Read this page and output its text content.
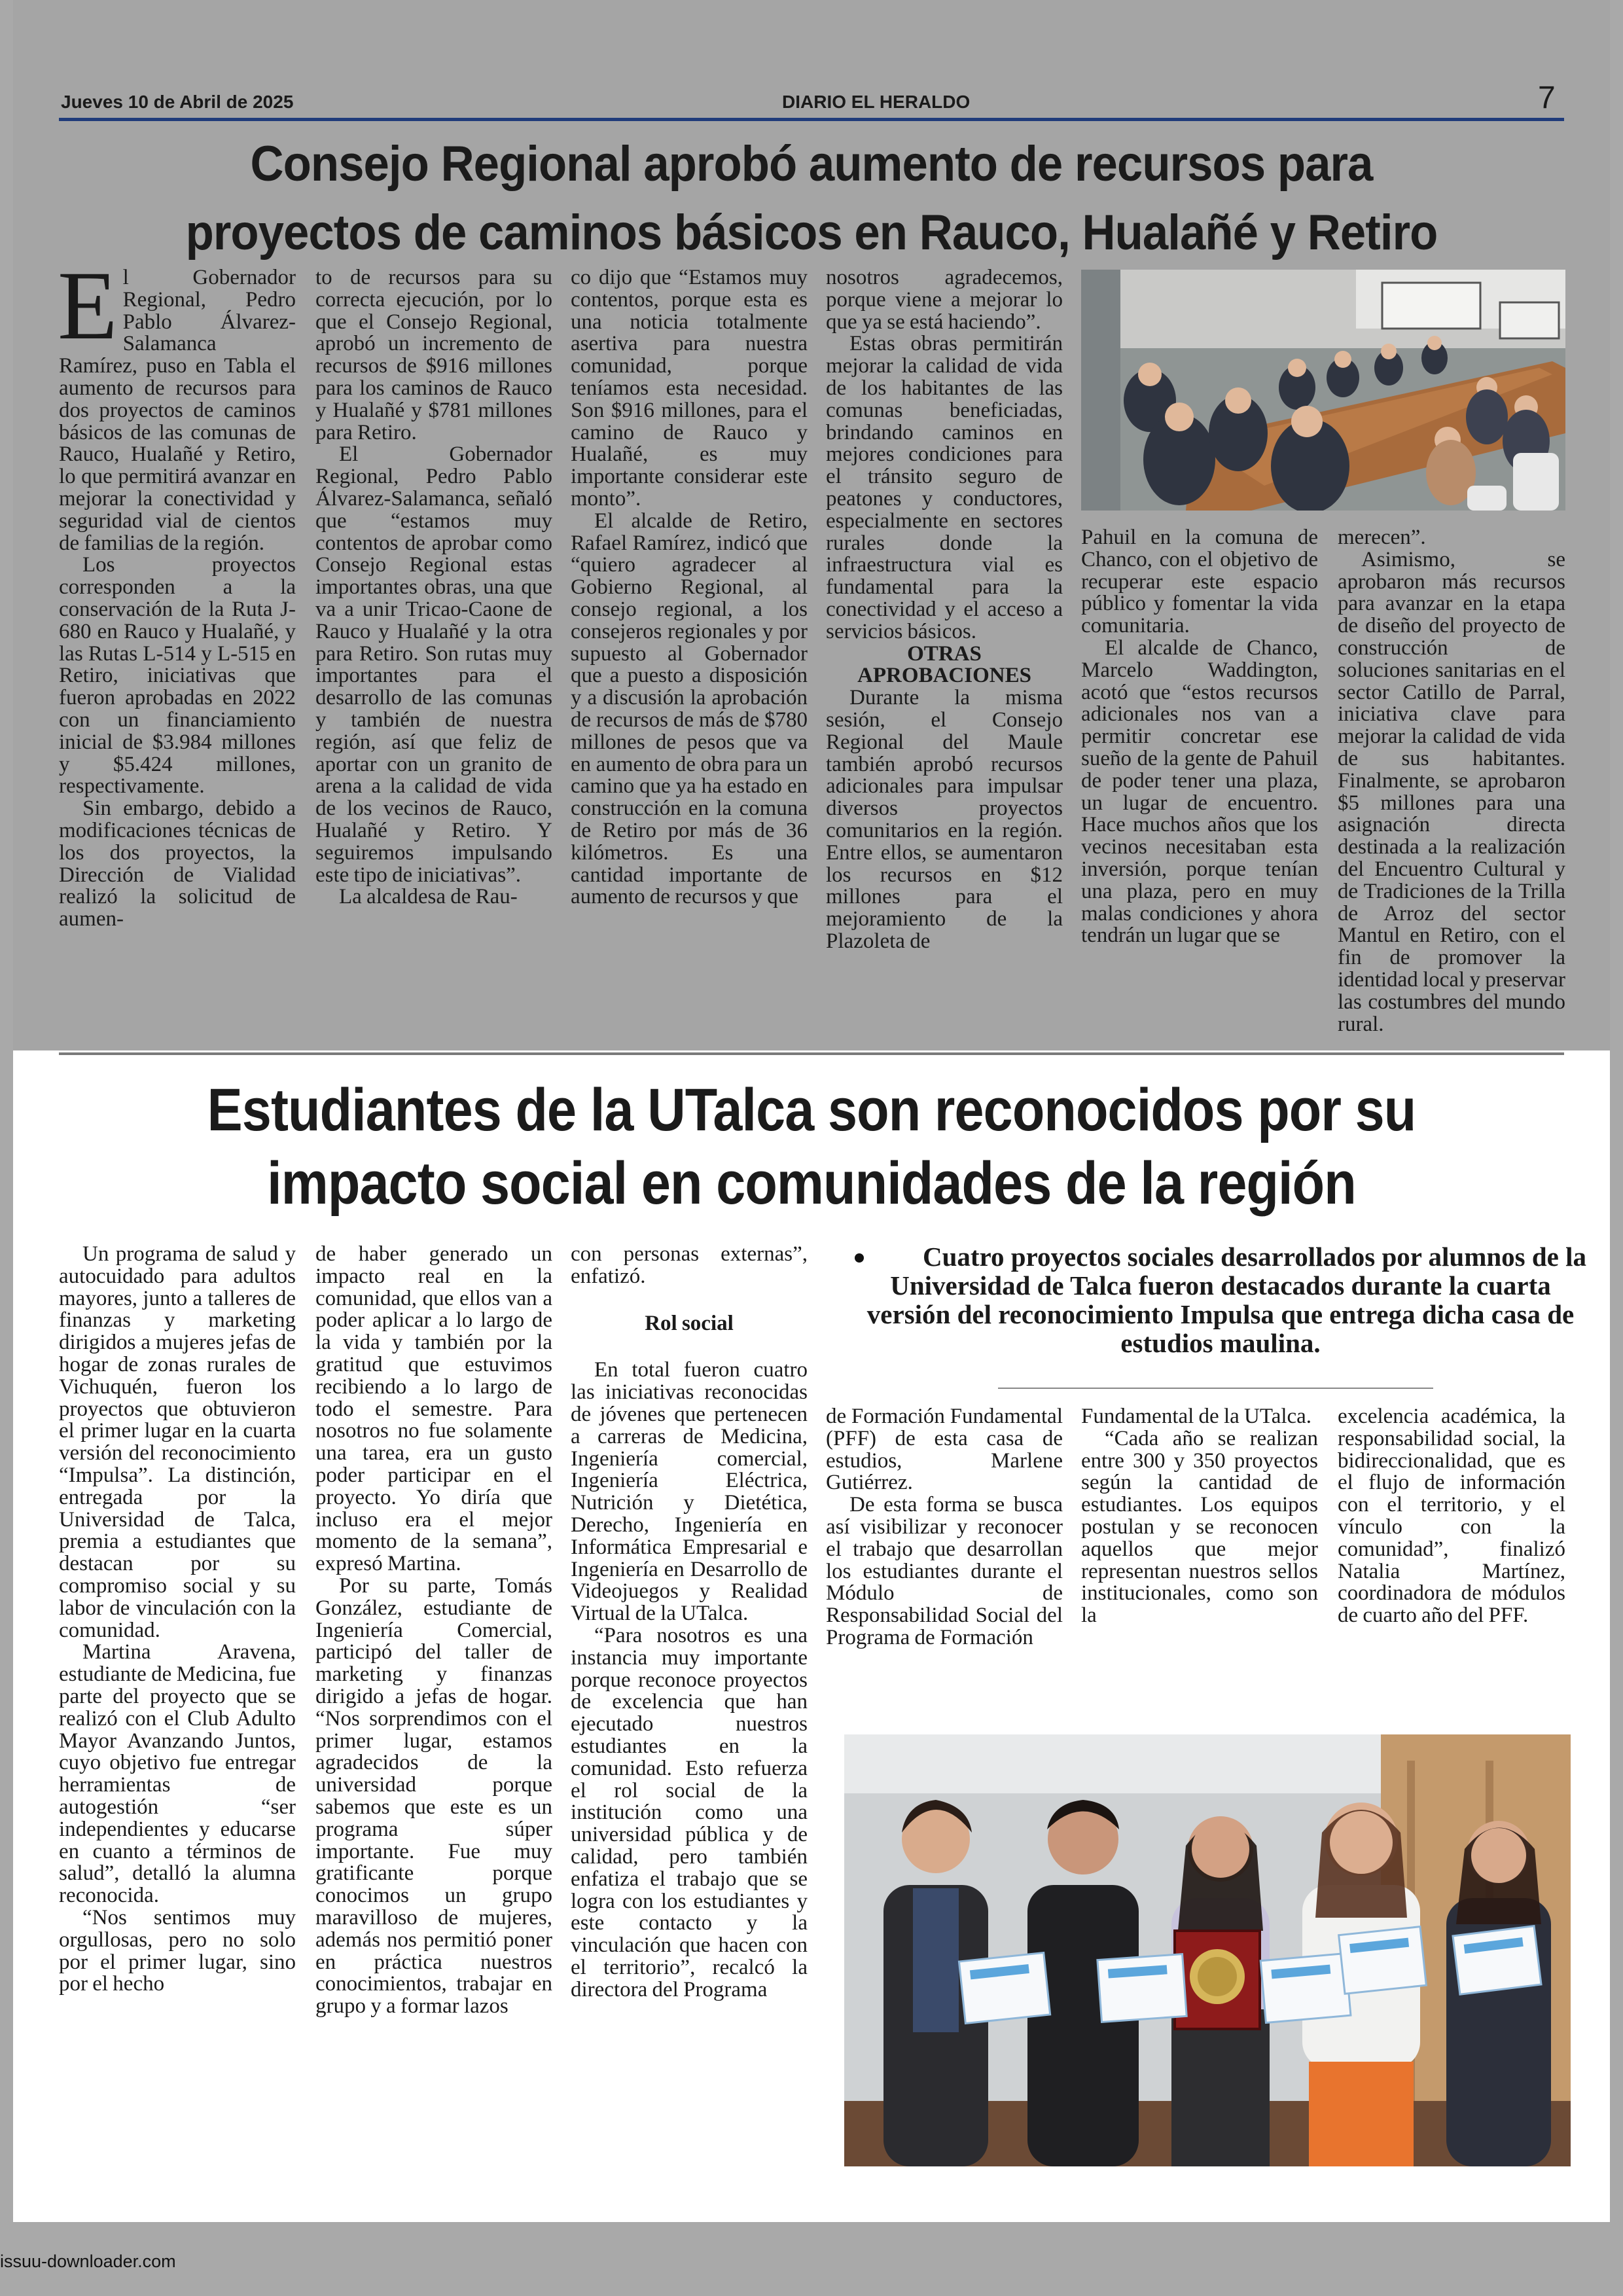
Jueves 10 de Abril de 2025	DIARIO EL HERALDO	7
Consejo Regional aprobó aumento de recursos para
proyectos de caminos básicos en Rauco, Hualañé y Retiro

El Gobernador Regional, Pedro Pablo Álvarez-Salamanca Ramírez, puso en Tabla el aumento de recursos para dos proyectos de caminos básicos de las comunas de Rauco, Hualañé y Retiro, lo que permitirá avanzar en mejorar la conectividad y seguridad vial de cientos de familias de la región.

Los proyectos corresponden a la conservación de la Ruta J-680 en Rauco y Hualañé, y las Rutas L-514 y L-515 en Retiro, iniciativas que fueron aprobadas en 2022 con un financiamiento inicial de $3.984 millones y $5.424 millones, respectivamente.

Sin embargo, debido a modificaciones técnicas de los dos proyectos, la Dirección de Vialidad realizó la solicitud de aumen-

to de recursos para su correcta ejecución, por lo que el Consejo Regional, aprobó un incremento de recursos de $916 millones para los caminos de Rauco y Hualañé y $781 millones para Retiro.

El Gobernador Regional, Pedro Pablo Álvarez-Salamanca, señaló que “estamos muy contentos de aprobar como Consejo Regional estas importantes obras, una que va a unir Tricao-Caone de Rauco y Hualañé y la otra para Retiro. Son rutas muy importantes para el desarrollo de las comunas y también de nuestra región, así que feliz de aportar con un granito de arena a la calidad de vida de los vecinos de Rauco, Hualañé y Retiro. Y seguiremos impulsando este tipo de iniciativas”.

La alcaldesa de Rau-

co dijo que “Estamos muy contentos, porque esta es una noticia totalmente asertiva para nuestra comunidad, porque teníamos esta necesidad. Son $916 millones, para el camino de Rauco y Hualañé, es muy importante considerar este monto”.

El alcalde de Retiro, Rafael Ramírez, indicó que “quiero agradecer al Gobierno Regional, al consejo regional, a los consejeros regionales y por supuesto al Gobernador que a puesto a disposición y a discusión la aprobación de recursos de más de $780 millones de pesos que va en aumento de obra para un camino que ya ha estado en construcción en la comuna de Retiro por más de 36 kilómetros. Es una cantidad importante de aumento de recursos y que

nosotros agradecemos, porque viene a mejorar lo que ya se está haciendo”.

Estas obras permitirán mejorar la calidad de vida de los habitantes de las comunas beneficiadas, brindando caminos en mejores condiciones para el tránsito seguro de peatones y conductores, especialmente en sectores rurales donde la infraestructura vial es fundamental para la conectividad y el acceso a servicios básicos.

OTRAS APROBACIONES

Durante la misma sesión, el Consejo Regional del Maule también aprobó recursos adicionales para impulsar diversos proyectos comunitarios en la región. Entre ellos, se aumentaron los recursos en $12 millones para el mejoramiento de la Plazoleta de

Pahuil en la comuna de Chanco, con el objetivo de recuperar este espacio público y fomentar la vida comunitaria.

El alcalde de Chanco, Marcelo Waddington, acotó que “estos recursos adicionales nos van a permitir concretar ese sueño de la gente de Pahuil de poder tener una plaza, un lugar de encuentro. Hace muchos años que los vecinos necesitaban esta inversión, porque tenían una plaza, pero en muy malas condiciones y ahora tendrán un lugar que se

merecen”.

Asimismo, se aprobaron más recursos para avanzar en la etapa de diseño del proyecto de construcción de soluciones sanitarias en el sector Catillo de Parral, iniciativa clave para mejorar la calidad de vida de sus habitantes. Finalmente, se aprobaron $5 millones para una asignación directa destinada a la realización del Encuentro Cultural y de Tradiciones de la Trilla de Arroz del sector Mantul en Retiro, con el fin de promover la identidad local y preservar las costumbres del mundo rural.

Estudiantes de la UTalca son reconocidos por su
impacto social en comunidades de la región

Un programa de salud y autocuidado para adultos mayores, junto a talleres de finanzas y marketing dirigidos a mujeres jefas de hogar de zonas rurales de Vichuquén, fueron los proyectos que obtuvieron el primer lugar en la cuarta versión del reconocimiento “Impulsa”. La distinción, entregada por la Universidad de Talca, premia a estudiantes que destacan por su compromiso social y su labor de vinculación con la comunidad.

Martina Aravena, estudiante de Medicina, fue parte del proyecto que se realizó con el Club Adulto Mayor Avanzando Juntos, cuyo objetivo fue entregar herramientas de autogestión “ser independientes y educarse en cuanto a términos de salud”, detalló la alumna reconocida.

“Nos sentimos muy orgullosas, pero no solo por el primer lugar, sino por el hecho

de haber generado un impacto real en la comunidad, que ellos van a poder aplicar a lo largo de la vida y también por la gratitud que estuvimos recibiendo a lo largo de todo el semestre. Para nosotros no fue solamente una tarea, era un gusto poder participar en el proyecto. Yo diría que incluso era el mejor momento de la semana”, expresó Martina.

Por su parte, Tomás González, estudiante de Ingeniería Comercial, participó del taller de marketing y finanzas dirigido a jefas de hogar. “Nos sorprendimos con el primer lugar, estamos agradecidos de la universidad porque sabemos que este es un programa súper importante. Fue muy gratificante porque conocimos un grupo maravilloso de mujeres, además nos permitió poner en práctica nuestros conocimientos, trabajar en grupo y a formar lazos

con personas externas”, enfatizó.

Rol social

En total fueron cuatro las iniciativas reconocidas de jóvenes que pertenecen a carreras de Medicina, Ingeniería comercial, Ingeniería Eléctrica, Nutrición y Dietética, Derecho, Ingeniería en Informática Empresarial e Ingeniería en Desarrollo de Videojuegos y Realidad Virtual de la UTalca.

“Para nosotros es una instancia muy importante porque reconoce proyectos de excelencia que han ejecutado nuestros estudiantes en la comunidad. Esto refuerza el rol social de la institución como una universidad pública y de calidad, pero también enfatiza el trabajo que se logra con los estudiantes y este contacto y la vinculación que hacen con el territorio”, recalcó la directora del Programa

Cuatro proyectos sociales desarrollados por alumnos de la Universidad de Talca fueron destacados durante la cuarta versión del reconocimiento Impulsa que entrega dicha casa de estudios maulina.

de Formación Fundamental (PFF) de esta casa de estudios, Marlene Gutiérrez.

De esta forma se busca así visibilizar y reconocer el trabajo que desarrollan los estudiantes durante el Módulo de Responsabilidad Social del Programa de Formación

Fundamental de la UTalca.

“Cada año se realizan entre 300 y 350 proyectos según la cantidad de estudiantes. Los equipos postulan y se reconocen aquellos que mejor representan nuestros sellos institucionales, como son la

excelencia académica, la responsabilidad social, la bidireccionalidad, que es el flujo de información con el territorio, y el vínculo con la comunidad”, finalizó Natalia Martínez, coordinadora de módulos de cuarto año del PFF.

issuu-downloader.com
